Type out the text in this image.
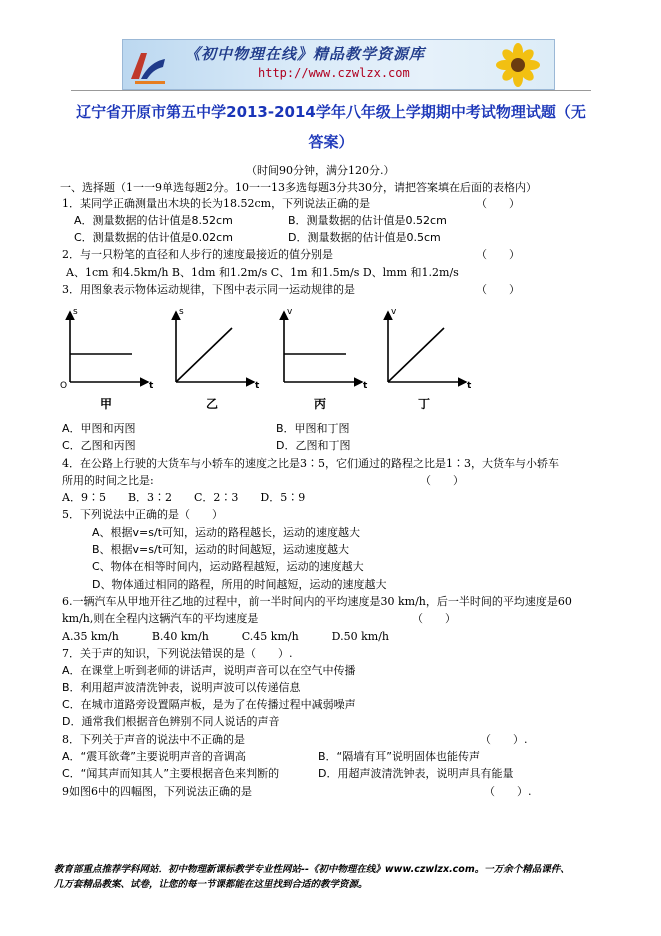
《初中物理在线》精品教学资源库
http://www.czwlzx.com
辽宁省开原市第五中学2013-2014学年八年级上学期期中考试物理试题（无
答案）
（时间90分钟，满分120分.）
一、选择题（1一一9单选每题2分。10一一13多选每题3分共30分，请把答案填在后面的表格内）
1．某同学正确测量出木块的长为18.52cm，下列说法正确的是	（　　）
A．测量数据的估计值是8.52cm	B．测量数据的估计值是0.52cm
C．测量数据的估计值是0.02cm	D．测量数据的估计值是0.5cm
2．与一只粉笔的直径和人步行的速度最接近的值分别是	（　　）
A、1cm 和4.5km/h B、1dm 和1.2m/s C、1m 和1.5m/s D、lmm 和1.2m/s
3．用图象表示物体运动规律，下图中表示同一运动规律的是	（　　）
s
t
O
甲
s
t
乙
v
t
丙
v
t
丁
A．甲图和丙图	B．甲图和丁图
C．乙图和丙图	D．乙图和丁图
4．在公路上行驶的大货车与小轿车的速度之比是3∶5，它们通过的路程之比是1∶3，大货车与小轿车
所用的时间之比是:	（　　）
A．9∶5　　B．3∶2　　C．2∶3　　D．5∶9
5．下列说法中正确的是（　　）
A、根据v=s/t可知，运动的路程越长，运动的速度越大
B、根据v=s/t可知，运动的时间越短，运动速度越大
C、物体在相等时间内，运动路程越短，运动的速度越大
D、物体通过相同的路程，所用的时间越短，运动的速度越大
6.一辆汽车从甲地开往乙地的过程中，前一半时间内的平均速度是30 km/h，后一半时间的平均速度是60
km/h,则在全程内这辆汽车的平均速度是	（　　）
A.35 km/h　　　B.40 km/h　　　C.45 km/h　　　D.50 km/h
7．关于声的知识，下列说法错误的是（　　）.
A．在课堂上听到老师的讲话声，说明声音可以在空气中传播
B．利用超声波清洗钟表，说明声波可以传递信息
C．在城市道路旁设置隔声板，是为了在传播过程中减弱噪声
D．通常我们根据音色辨别不同人说话的声音
8．下列关于声音的说法中不正确的是	（　　）.
A．“震耳欲聋”主要说明声音的音调高	B．“隔墙有耳”说明固体也能传声
C．“闻其声而知其人”主要根据音色来判断的	D．用超声波清洗钟表，说明声具有能量
9如图6中的四幅图，下列说法正确的是	（　　）.
教育部重点推荐学科网站．初中物理新课标教学专业性网站--《初中物理在线》www.czwlzx.com。一万余个精品课件、
几万套精品教案、试卷，让您的每一节课都能在这里找到合适的教学资源。
